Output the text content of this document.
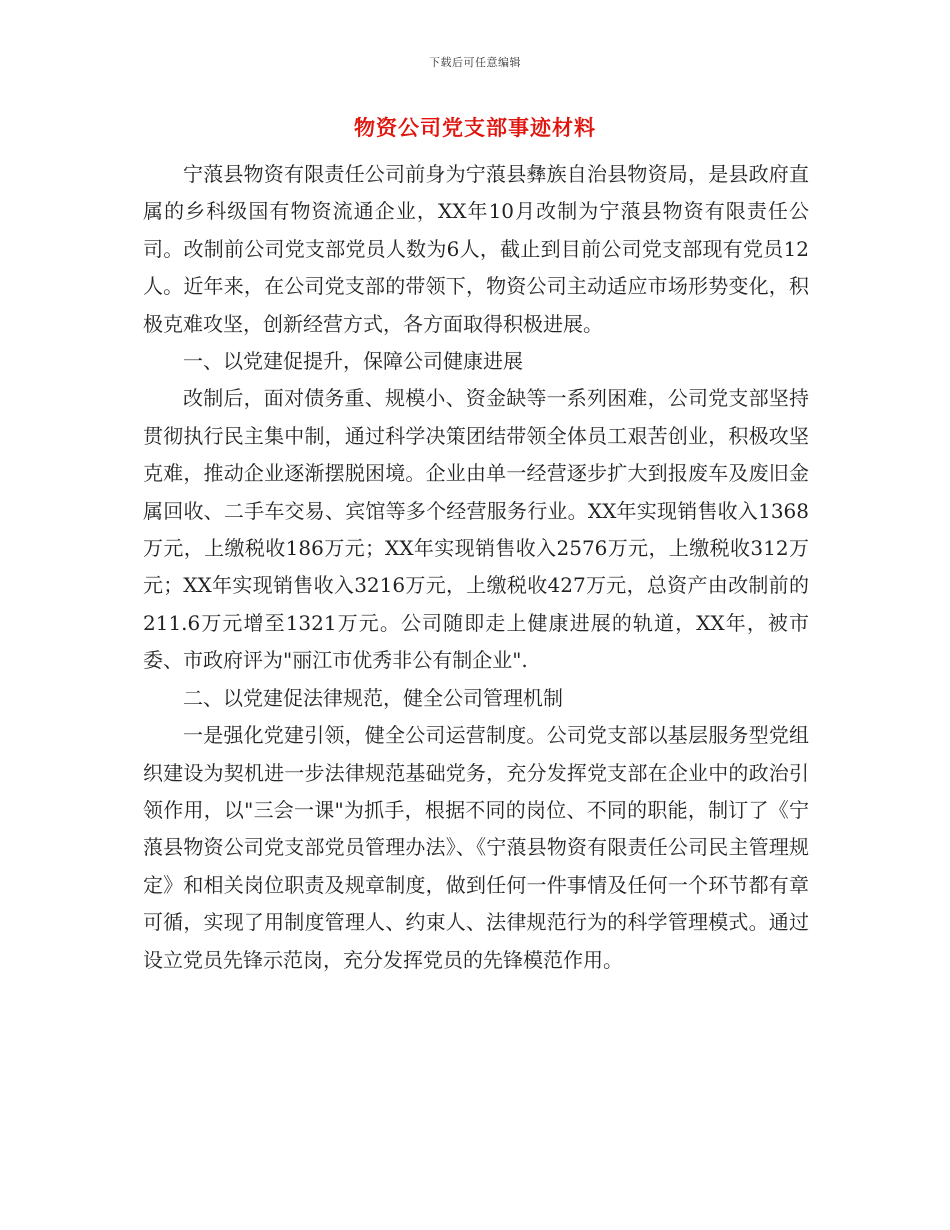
下载后可任意编辑
物资公司党支部事迹材料

宁蒗县物资有限责任公司前身为宁蒗县彝族自治县物资局，是县政府直属的乡科级国有物资流通企业，XX年10月改制为宁蒗县物资有限责任公司。改制前公司党支部党员人数为6人，截止到目前公司党支部现有党员12人。近年来，在公司党支部的带领下，物资公司主动适应市场形势变化，积极克难攻坚，创新经营方式，各方面取得积极进展。

一、以党建促提升，保障公司健康进展

改制后，面对债务重、规模小、资金缺等一系列困难，公司党支部坚持贯彻执行民主集中制，通过科学决策团结带领全体员工艰苦创业，积极攻坚克难，推动企业逐渐摆脱困境。企业由单一经营逐步扩大到报废车及废旧金属回收、二手车交易、宾馆等多个经营服务行业。XX年实现销售收入1368万元，上缴税收186万元；XX年实现销售收入2576万元，上缴税收312万元；XX年实现销售收入3216万元，上缴税收427万元，总资产由改制前的211.6万元增至1321万元。公司随即走上健康进展的轨道，XX年，被市委、市政府评为"丽江市优秀非公有制企业".

二、以党建促法律规范，健全公司管理机制

一是强化党建引领，健全公司运营制度。公司党支部以基层服务型党组织建设为契机进一步法律规范基础党务，充分发挥党支部在企业中的政治引领作用，以"三会一课"为抓手，根据不同的岗位、不同的职能，制订了《宁蒗县物资公司党支部党员管理办法》、《宁蒗县物资有限责任公司民主管理规定》和相关岗位职责及规章制度，做到任何一件事情及任何一个环节都有章可循，实现了用制度管理人、约束人、法律规范行为的科学管理模式。通过设立党员先锋示范岗，充分发挥党员的先锋模范作用。
